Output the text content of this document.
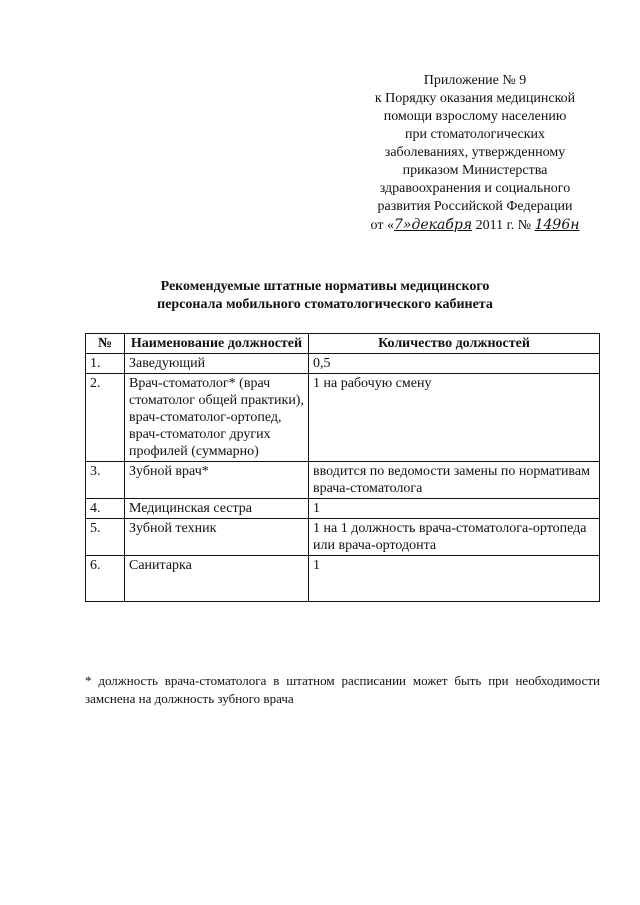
Приложение № 9
к Порядку оказания медицинской
помощи взрослому населению
при стоматологических
заболеваниях, утвержденному
приказом Министерства
здравоохранения и социального
развития Российской Федерации
от «7»декабря 2011 г. № 1496н
Рекомендуемые штатные нормативы медицинского
персонала мобильного стоматологического кабинета
№	Наименование должностей	Количество должностей
1.	Заведующий	0,5
2.	Врач-стоматолог* (врач стоматолог общей практики), врач-стоматолог-ортопед, врач-стоматолог других профилей (суммарно)	1 на рабочую смену
3.	Зубной врач*	вводится по ведомости замены по нормативам врача-стоматолога
4.	Медицинская сестра	1
5.	Зубной техник	1 на 1 должность врача-стоматолога-ортопеда или врача-ортодонта
6.	Санитарка	1
* должность врача-стоматолога в штатном расписании может быть при необходимости замснена на должность зубного врача
